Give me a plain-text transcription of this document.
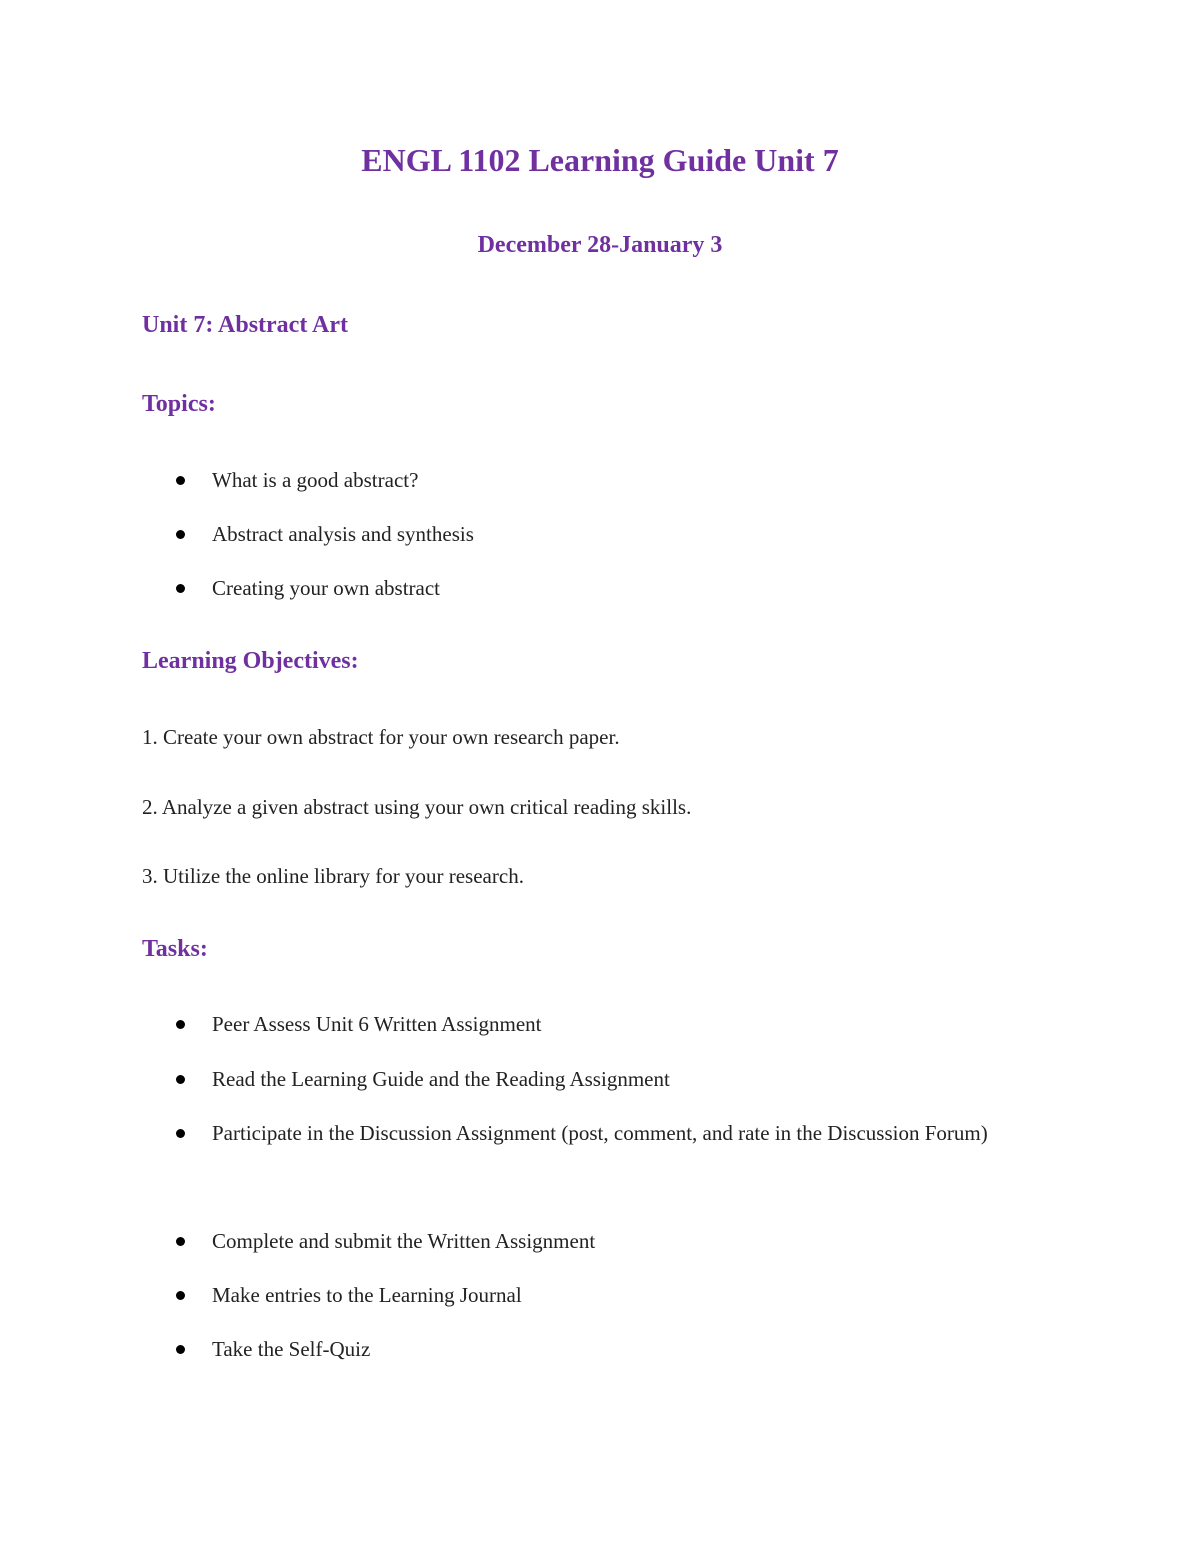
ENGL 1102 Learning Guide Unit 7
December 28-January 3
Unit 7: Abstract Art
Topics:
What is a good abstract?
Abstract analysis and synthesis
Creating your own abstract
Learning Objectives:
1. Create your own abstract for your own research paper.
2. Analyze a given abstract using your own critical reading skills.
3. Utilize the online library for your research.
Tasks:
Peer Assess Unit 6 Written Assignment
Read the Learning Guide and the Reading Assignment
Participate in the Discussion Assignment (post, comment, and rate in the Discussion Forum)
Complete and submit the Written Assignment
Make entries to the Learning Journal
Take the Self-Quiz
